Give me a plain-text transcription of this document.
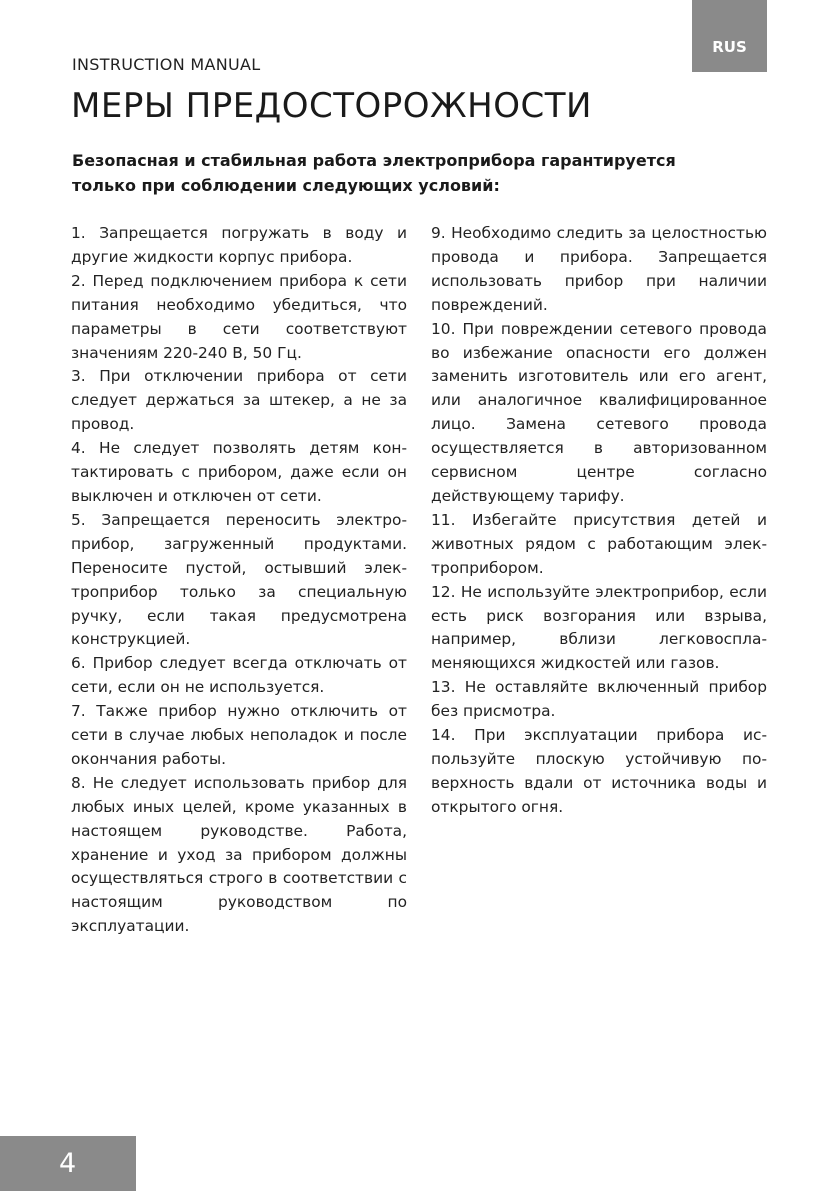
RUS
INSTRUCTION MANUAL
МЕРЫ ПРЕДОСТОРОЖНОСТИ

Безопасная и стабильная работа электроприбора гарантируется только при соблюдении следующих условий:

1. Запрещается погружать в воду и другие жидкости корпус прибора.

2. Перед подключением прибора к сети питания необходимо убедиться, что параметры в сети соответствуют значениям 220-240 В, 50 Гц.

3. При отключении прибора от сети следует держаться за штекер, а не за провод.

4. Не следует позволять детям контактировать с прибором, даже если он выключен и отключен от сети.

5. Запрещается переносить электроприбор, загруженный продуктами. Переносите пустой, остывший электроприбор только за специальную ручку, если такая предусмотрена конструкцией.

6. Прибор следует всегда отключать от сети, если он не используется.

7. Также прибор нужно отключить от сети в случае любых неполадок и после окончания работы.

8. Не следует использовать прибор для любых иных целей, кроме указанных в настоящем руководстве. Работа, хранение и уход за прибором должны осуществляться строго в соответствии с настоящим руководством по эксплуатации.

9. Необходимо следить за целостностью провода и прибора. Запрещается использовать прибор при наличии повреждений.

10. При повреждении сетевого провода во избежание опасности его должен заменить изготовитель или его агент, или аналогичное квалифицированное лицо. Замена сетевого провода осуществляется в авторизованном сервисном центре согласно действующему тарифу.

11. Избегайте присутствия детей и животных рядом с работающим электроприбором.

12. Не используйте электроприбор, если есть риск возгорания или взрыва, например, вблизи легковоспламеняющихся жидкостей или газов.

13. Не оставляйте включенный прибор без присмотра.

14. При эксплуатации прибора используйте плоскую устойчивую поверхность вдали от источника воды и открытого огня.

4
